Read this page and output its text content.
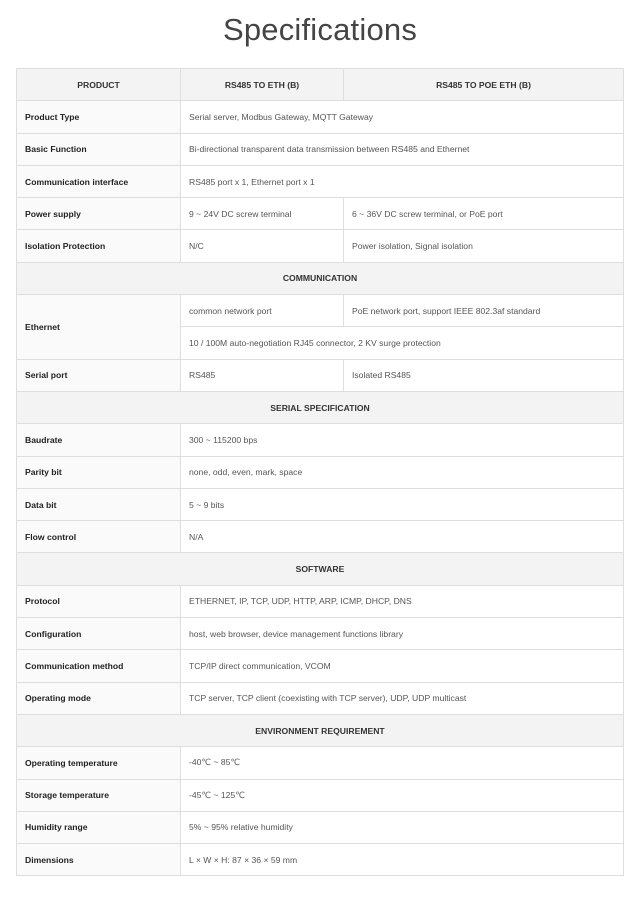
Specifications
PRODUCT	RS485 TO ETH (B)	RS485 TO POE ETH (B)
Product Type	Serial server, Modbus Gateway, MQTT Gateway	
Basic Function	Bi-directional transparent data transmission between RS485 and Ethernet	
Communication interface	RS485 port x 1, Ethernet port x 1	
Power supply	9 ~ 24V DC screw terminal	6 ~ 36V DC screw terminal, or PoE port
Isolation Protection	N/C	Power isolation, Signal isolation
COMMUNICATION		
Ethernet	common network port	PoE network port, support IEEE 802.3af standard
	10 / 100M auto-negotiation RJ45 connector, 2 KV surge protection	
Serial port	RS485	Isolated RS485
SERIAL SPECIFICATION		
Baudrate	300 ~ 115200 bps	
Parity bit	none, odd, even, mark, space	
Data bit	5 ~ 9 bits	
Flow control	N/A	
SOFTWARE		
Protocol	ETHERNET, IP, TCP, UDP, HTTP, ARP, ICMP, DHCP, DNS	
Configuration	host, web browser, device management functions library	
Communication method	TCP/IP direct communication, VCOM	
Operating mode	TCP server, TCP client (coexisting with TCP server), UDP, UDP multicast	
ENVIRONMENT REQUIREMENT		
Operating temperature	-40℃ ~ 85℃	
Storage temperature	-45℃ ~ 125℃	
Humidity range	5% ~ 95% relative humidity	
Dimensions	L × W × H: 87 × 36 × 59 mm	
